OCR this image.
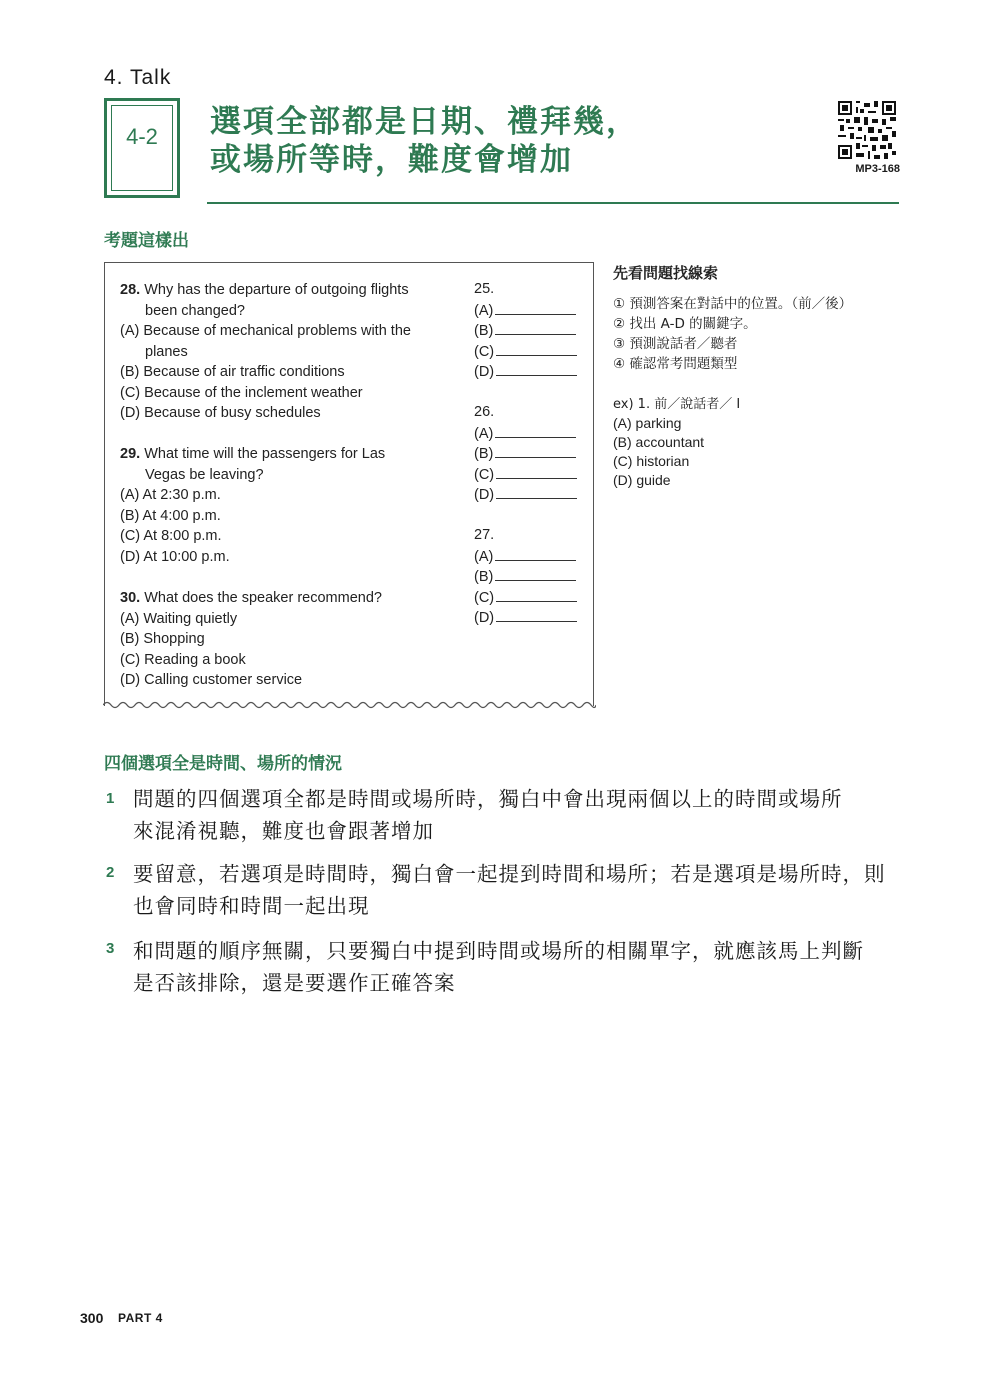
4. Talk
4-2	選項全部都是日期、禮拜幾，
或場所等時，難度會增加	MP3-168
考題這樣出
28. Why has the departure of outgoing flights
been changed?
(A) Because of mechanical problems with the
planes
(B) Because of air traffic conditions
(C) Because of the inclement weather
(D) Because of busy schedules
29. What time will the passengers for Las
Vegas be leaving?
(A) At 2:30 p.m.
(B) At 4:00 p.m.
(C) At 8:00 p.m.
(D) At 10:00 p.m.
30. What does the speaker recommend?
(A) Waiting quietly
(B) Shopping
(C) Reading a book
(D) Calling customer service
25.
(A)
(B)
(C)
(D)
26.
(A)
(B)
(C)
(D)
27.
(A)
(B)
(C)
(D)
先看問題找線索
① 預測答案在對話中的位置。（前／後）
② 找出 A-D 的關鍵字。
③ 預測說話者／聽者
④ 確認常考問題類型
ex) 1. 前／說話者／ I
(A) parking
(B) accountant
(C) historian
(D) guide
四個選項全是時間、場所的情況
1 問題的四個選項全都是時間或場所時，獨白中會出現兩個以上的時間或場所
來混淆視聽，難度也會跟著增加
2 要留意，若選項是時間時，獨白會一起提到時間和場所；若是選項是場所時，則
也會同時和時間一起出現
3 和問題的順序無關，只要獨白中提到時間或場所的相關單字，就應該馬上判斷
是否該排除，還是要選作正確答案
300 PART 4
